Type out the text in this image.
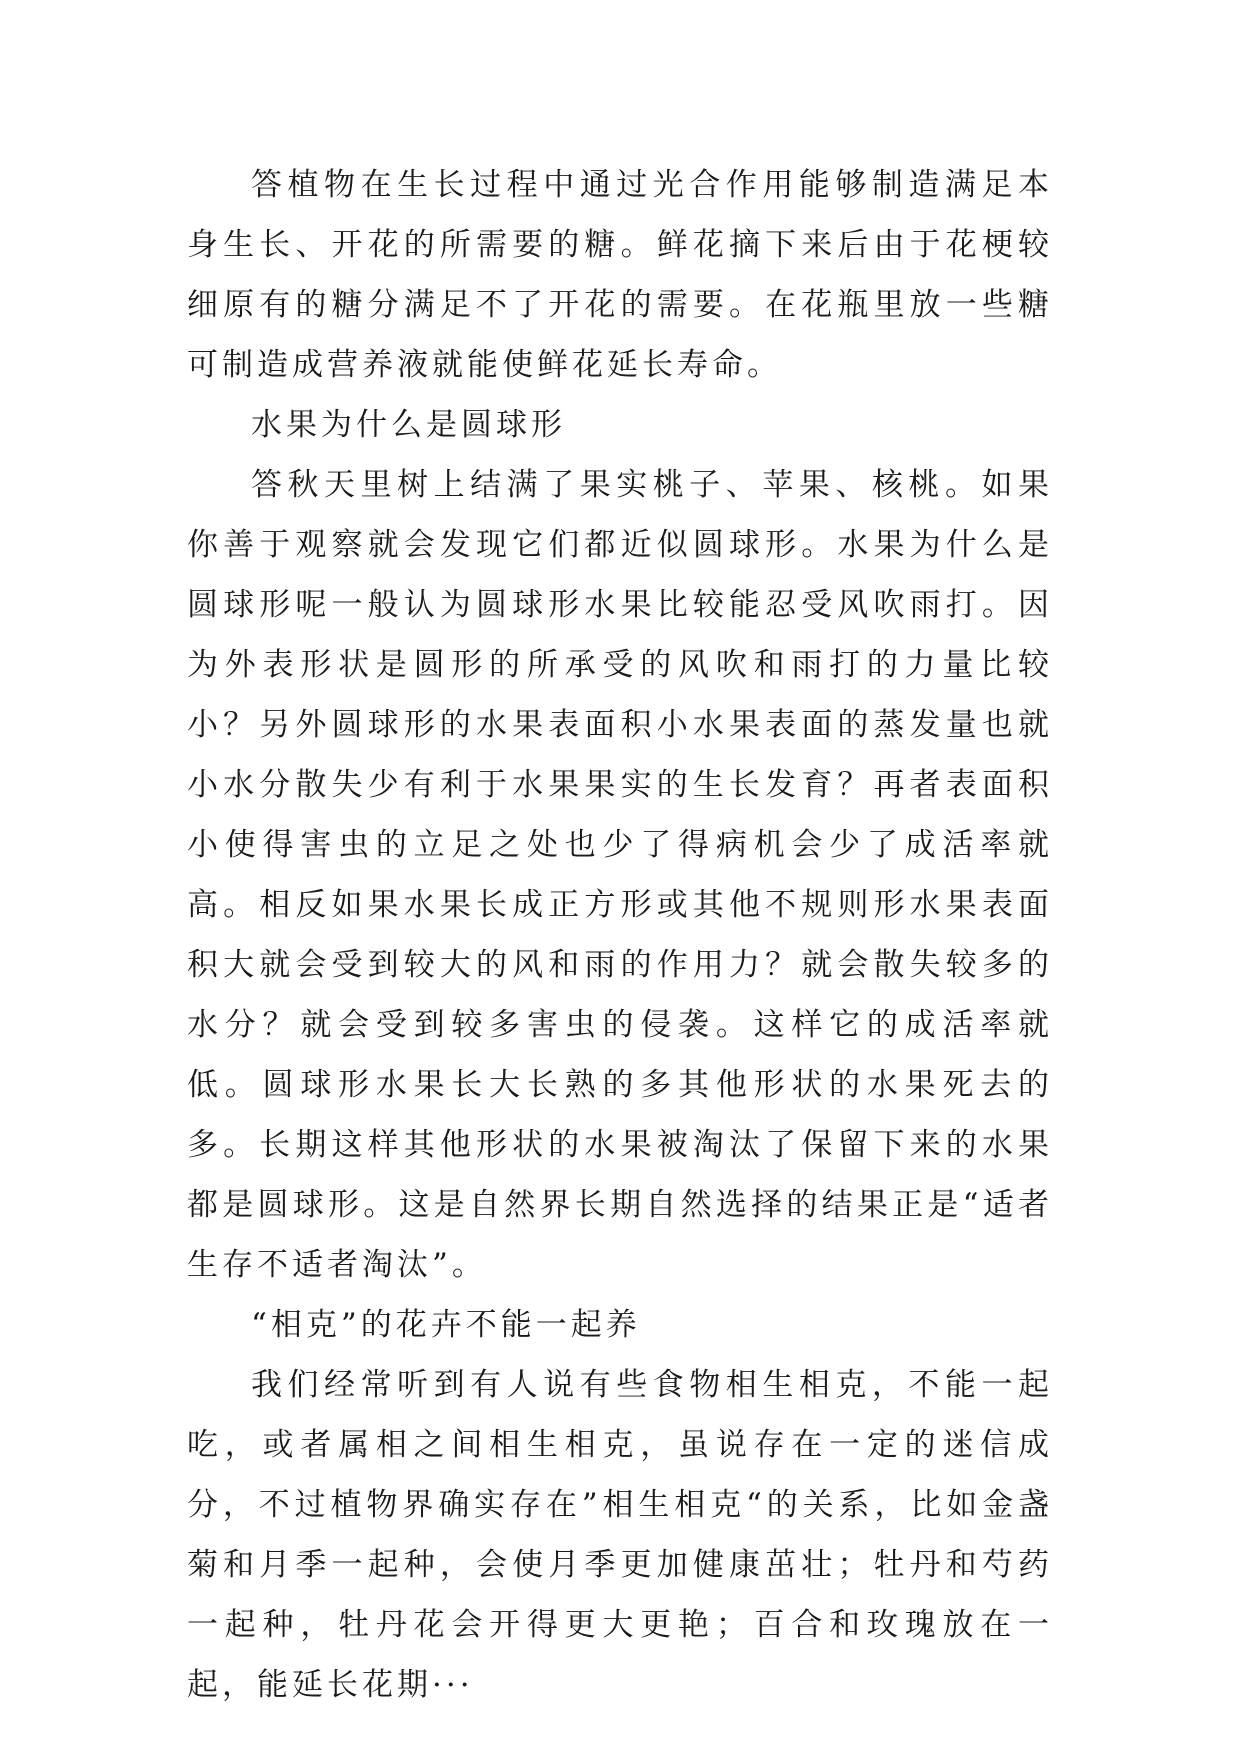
答植物在生长过程中通过光合作用能够制造满足本身生长、开花的所需要的糖。鲜花摘下来后由于花梗较细原有的糖分满足不了开花的需要。在花瓶里放一些糖可制造成营养液就能使鲜花延长寿命。

水果为什么是圆球形

答秋天里树上结满了果实桃子、苹果、核桃。如果你善于观察就会发现它们都近似圆球形。水果为什么是圆球形呢一般认为圆球形水果比较能忍受风吹雨打。因为外表形状是圆形的所承受的风吹和雨打的力量比较小？另外圆球形的水果表面积小水果表面的蒸发量也就小水分散失少有利于水果果实的生长发育？再者表面积小使得害虫的立足之处也少了得病机会少了成活率就高。相反如果水果长成正方形或其他不规则形水果表面积大就会受到较大的风和雨的作用力？就会散失较多的水分？就会受到较多害虫的侵袭。这样它的成活率就低。圆球形水果长大长熟的多其他形状的水果死去的多。长期这样其他形状的水果被淘汰了保留下来的水果都是圆球形。这是自然界长期自然选择的结果正是“适者生存不适者淘汰”。

“相克”的花卉不能一起养

我们经常听到有人说有些食物相生相克，不能一起吃，或者属相之间相生相克，虽说存在一定的迷信成分，不过植物界确实存在”相生相克“的关系，比如金盏菊和月季一起种，会使月季更加健康茁壮；牡丹和芍药一起种，牡丹花会开得更大更艳；百合和玫瑰放在一起，能延长花期···
